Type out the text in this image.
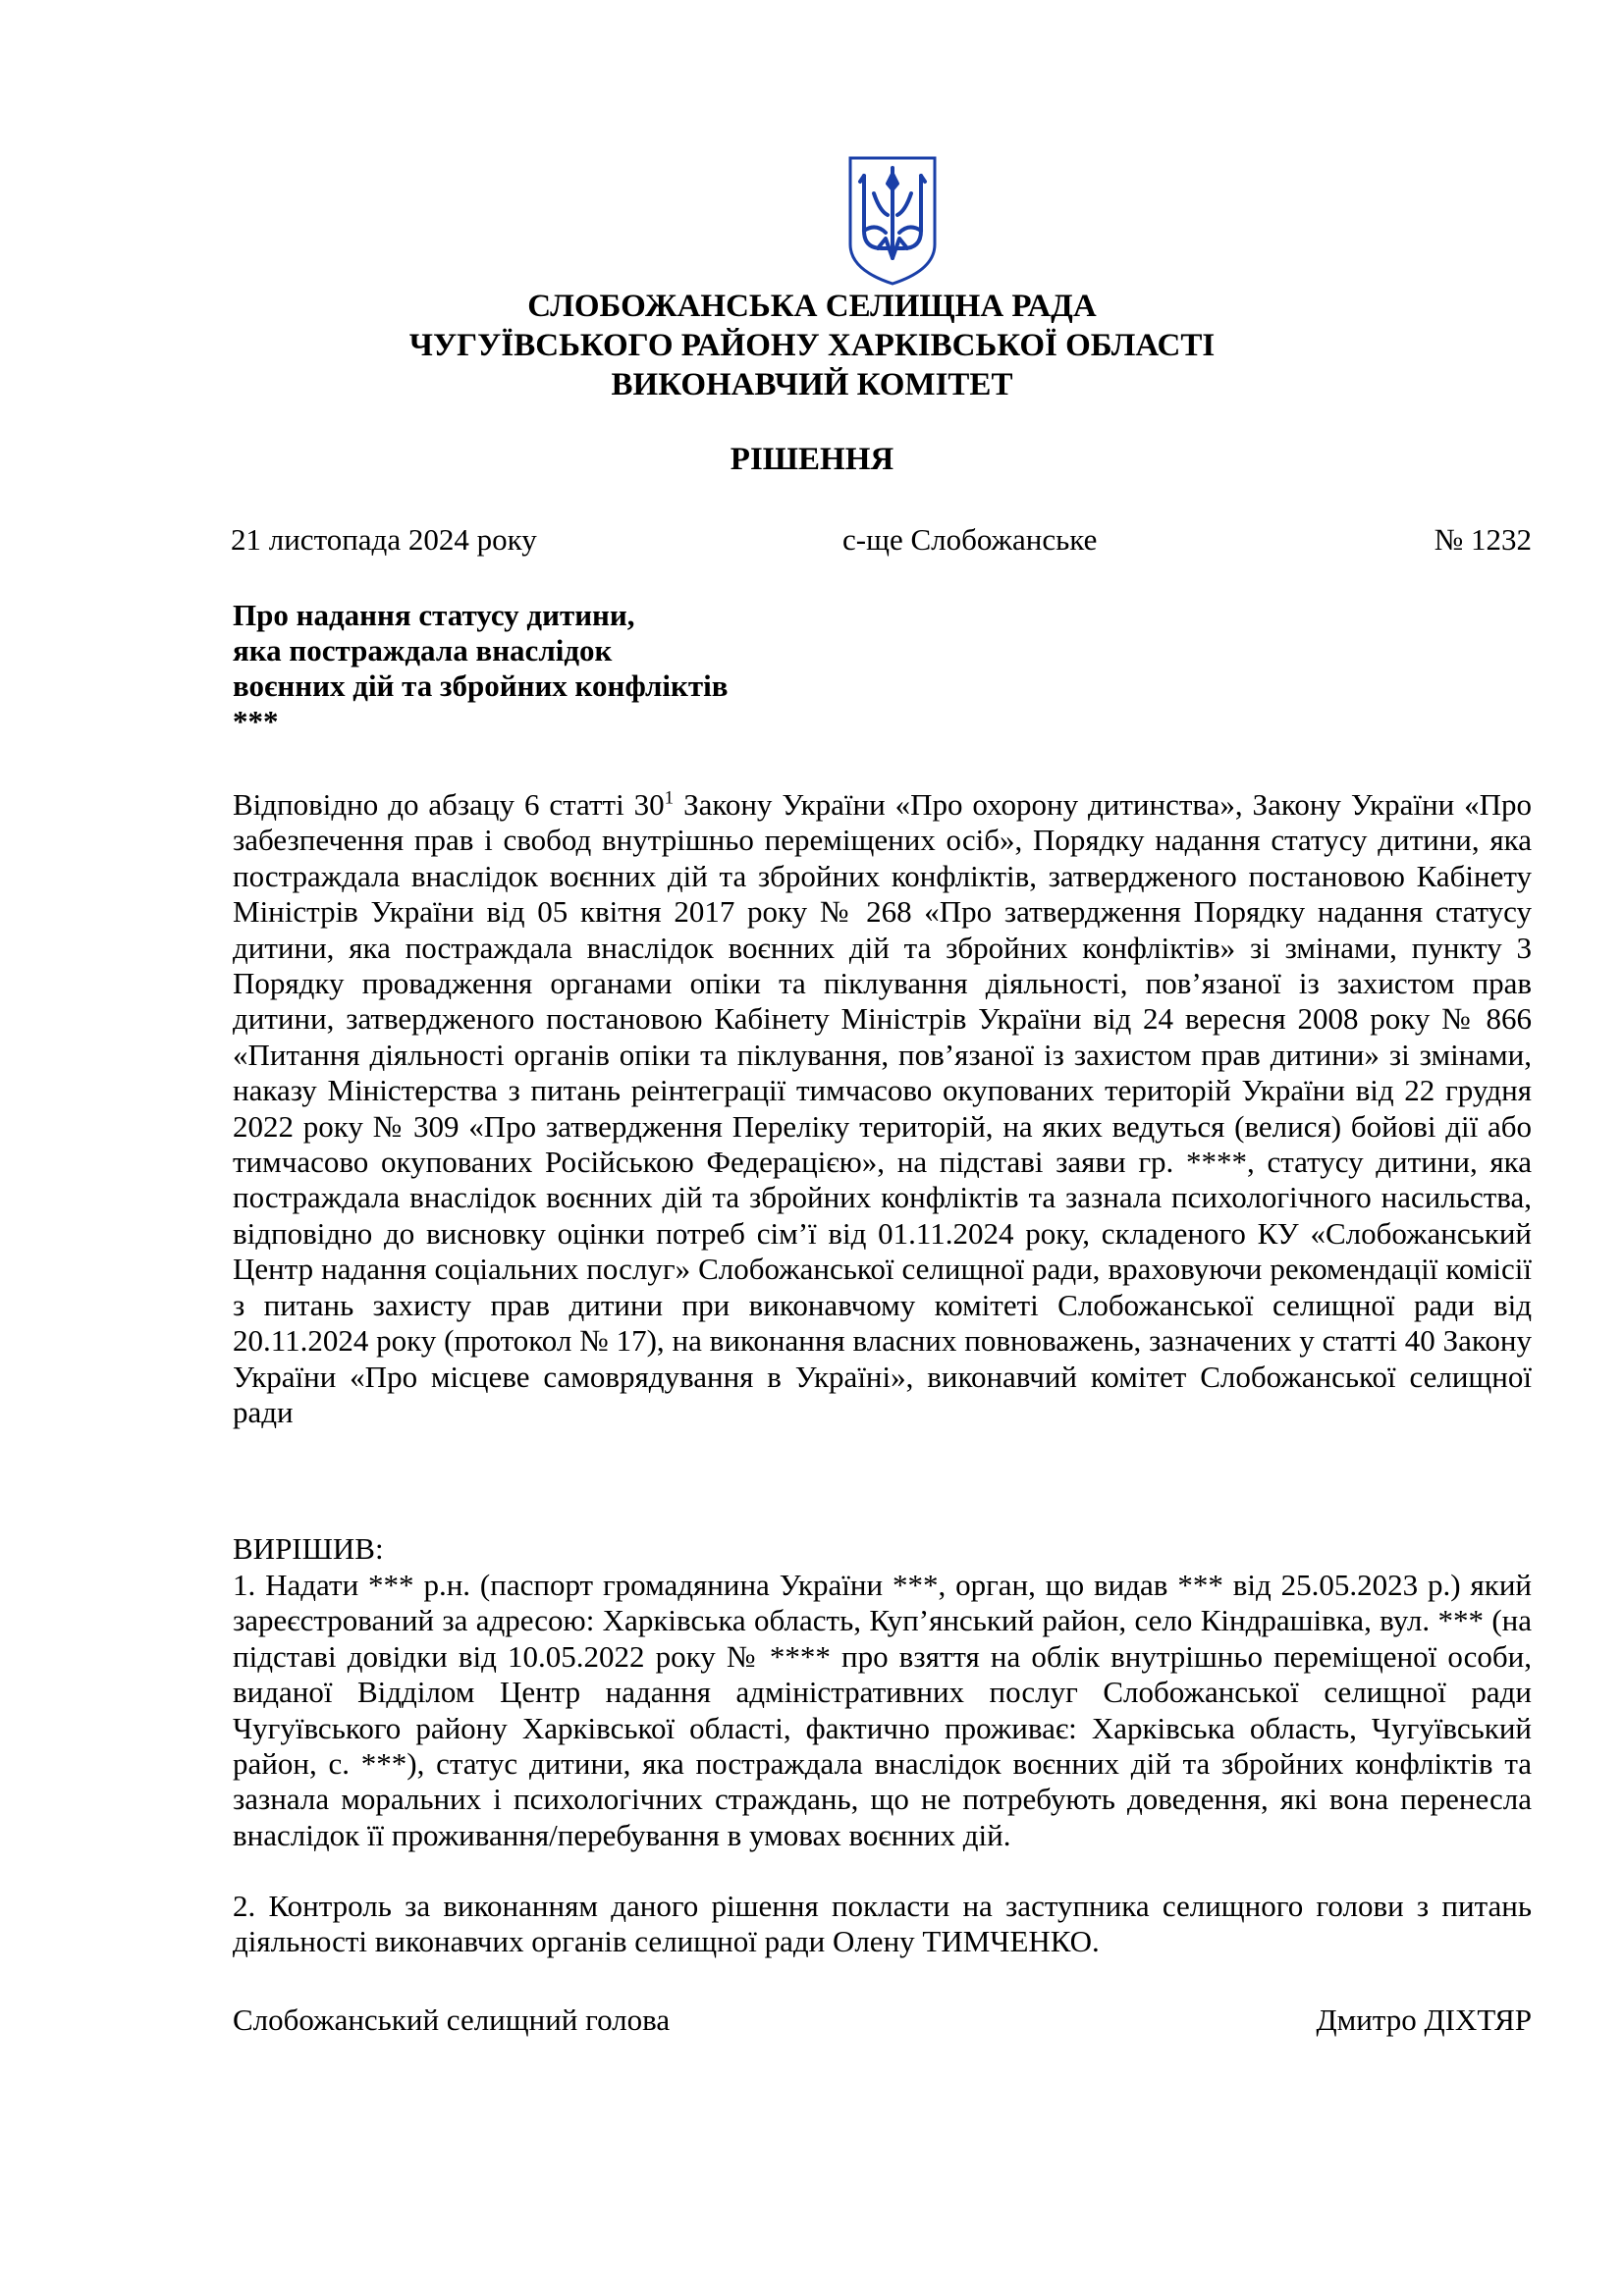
СЛОБОЖАНСЬКА СЕЛИЩНА РАДА
ЧУГУЇВСЬКОГО РАЙОНУ ХАРКІВСЬКОЇ ОБЛАСТІ
ВИКОНАВЧИЙ КОМІТЕТ
РІШЕННЯ
21 листопада 2024 року	с-ще Слобожанське	№ 1232
Про надання статусу дитини,
яка постраждала внаслідок
воєнних дій та збройних конфліктів
***
Відповідно до абзацу 6 статті $30^1$ Закону України «Про охорону дитинства», Закону України «Про забезпечення прав і свобод внутрішньо переміщених осіб», Порядку надання статусу дитини, яка постраждала внаслідок воєнних дій та збройних конфліктів, затвердженого постановою Кабінету Міністрів України від 05 квітня 2017 року № 268 «Про затвердження Порядку надання статусу дитини, яка постраждала внаслідок воєнних дій та збройних конфліктів» зі змінами, пункту 3 Порядку провадження органами опіки та піклування діяльності, пов’язаної із захистом прав дитини, затвердженого постановою Кабінету Міністрів України від 24 вересня 2008 року № 866 «Питання діяльності органів опіки та піклування, пов’язаної із захистом прав дитини» зі змінами, наказу Міністерства з питань реінтеграції тимчасово окупованих територій України від 22 грудня 2022 року № 309 «Про затвердження Переліку територій, на яких ведуться (велися) бойові дії або тимчасово окупованих Російською Федерацією», на підставі заяви гр. ****, статусу дитини, яка постраждала внаслідок воєнних дій та збройних конфліктів та зазнала психологічного насильства, відповідно до висновку оцінки потреб сім’ї від 01.11.2024 року, складеного КУ «Слобожанський Центр надання соціальних послуг» Слобожанської селищної ради, враховуючи рекомендації комісії з питань захисту прав дитини при виконавчому комітеті Слобожанської селищної ради від 20.11.2024 року (протокол № 17), на виконання власних повноважень, зазначених у статті 40 Закону України «Про місцеве самоврядування в Україні», виконавчий комітет Слобожанської селищної ради
ВИРІШИВ:
1. Надати *** р.н. (паспорт громадянина України ***, орган, що видав *** від 25.05.2023 р.) який зареєстрований за адресою: Харківська область, Куп’янський район, село Кіндрашівка, вул. *** (на підставі довідки від 10.05.2022 року № **** про взяття на облік внутрішньо переміщеної особи, виданої Відділом Центр надання адміністративних послуг Слобожанської селищної ради Чугуївського району Харківської області, фактично проживає: Харківська область, Чугуївський район, с. ***), статус дитини, яка постраждала внаслідок воєнних дій та збройних конфліктів та зазнала моральних і психологічних страждань, що не потребують доведення, які вона перенесла внаслідок її проживання/перебування в умовах воєнних дій.
2. Контроль за виконанням даного рішення покласти на заступника селищного голови з питань діяльності виконавчих органів селищної ради Олену ТИМЧЕНКО.
Слобожанський селищний голова	Дмитро ДІХТЯР
